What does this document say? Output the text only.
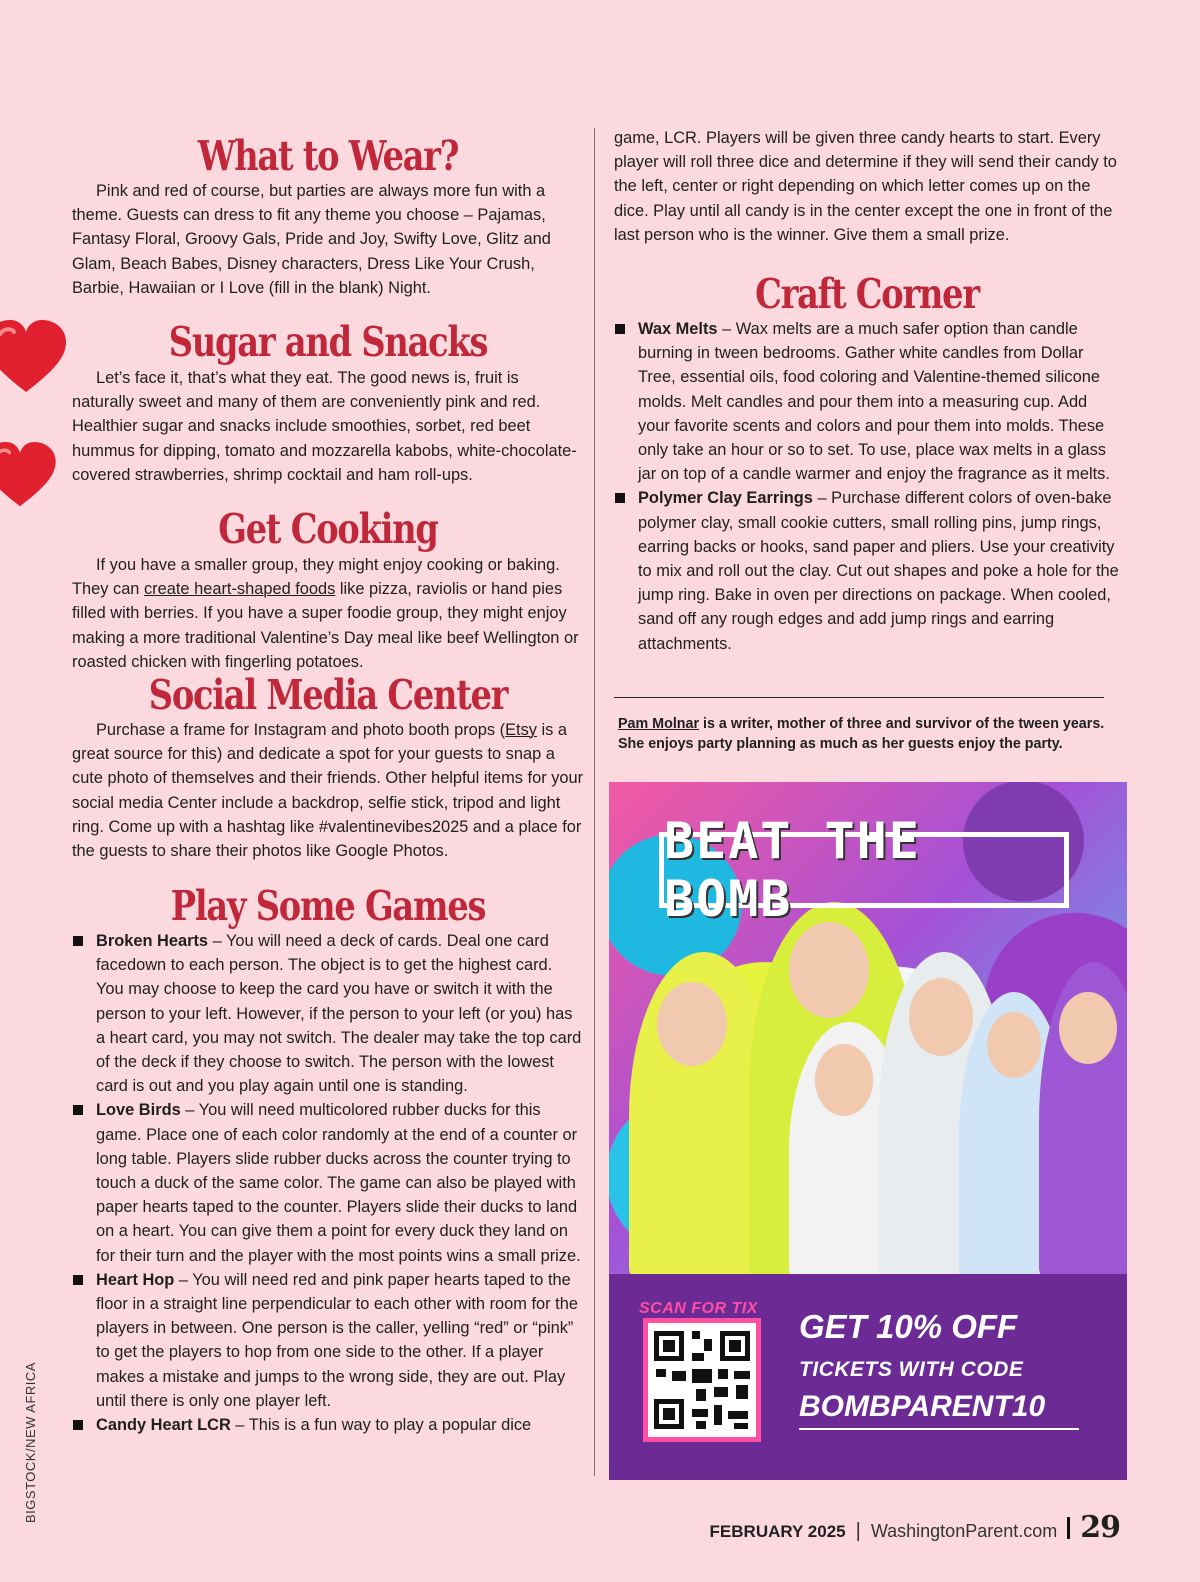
What to Wear?

Pink and red of course, but parties are always more fun with a theme. Guests can dress to fit any theme you choose – Pajamas, Fantasy Floral, Groovy Gals, Pride and Joy, Swifty Love, Glitz and Glam, Beach Babes, Disney characters, Dress Like Your Crush, Barbie, Hawaiian or I Love (fill in the blank) Night.

Sugar and Snacks

Let’s face it, that’s what they eat. The good news is, fruit is naturally sweet and many of them are conveniently pink and red. Healthier sugar and snacks include smoothies, sorbet, red beet hummus for dipping, tomato and mozzarella kabobs, white-chocolate-covered strawberries, shrimp cocktail and ham roll-ups.

Get Cooking

If you have a smaller group, they might enjoy cooking or baking. They can create heart-shaped foods like pizza, raviolis or hand pies filled with berries. If you have a super foodie group, they might enjoy making a more traditional Valentine’s Day meal like beef Wellington or roasted chicken with fingerling potatoes.

Social Media Center

Purchase a frame for Instagram and photo booth props (Etsy is a great source for this) and dedicate a spot for your guests to snap a cute photo of themselves and their friends. Other helpful items for your social media Center include a backdrop, selfie stick, tripod and light ring. Come up with a hashtag like #valentinevibes2025 and a place for the guests to share their photos like Google Photos.

Play Some Games
Broken Hearts – You will need a deck of cards. Deal one card facedown to each person. The object is to get the highest card. You may choose to keep the card you have or switch it with the person to your left. However, if the person to your left (or you) has a heart card, you may not switch. The dealer may take the top card of the deck if they choose to switch. The person with the lowest card is out and you play again until one is standing.
Love Birds – You will need multicolored rubber ducks for this game. Place one of each color randomly at the end of a counter or long table. Players slide rubber ducks across the counter trying to touch a duck of the same color. The game can also be played with paper hearts taped to the counter. Players slide their ducks to land on a heart. You can give them a point for every duck they land on for their turn and the player with the most points wins a small prize.
Heart Hop – You will need red and pink paper hearts taped to the floor in a straight line perpendicular to each other with room for the players in between. One person is the caller, yelling “red” or “pink” to get the players to hop from one side to the other. If a player makes a mistake and jumps to the wrong side, they are out. Play until there is only one player left.
Candy Heart LCR – This is a fun way to play a popular dice

game, LCR. Players will be given three candy hearts to start. Every player will roll three dice and determine if they will send their candy to the left, center or right depending on which letter comes up on the dice. Play until all candy is in the center except the one in front of the last person who is the winner. Give them a small prize.

Craft Corner
Wax Melts – Wax melts are a much safer option than candle burning in tween bedrooms. Gather white candles from Dollar Tree, essential oils, food coloring and Valentine-themed silicone molds. Melt candles and pour them into a measuring cup. Add your favorite scents and colors and pour them into molds. These only take an hour or so to set. To use, place wax melts in a glass jar on top of a candle warmer and enjoy the fragrance as it melts.
Polymer Clay Earrings – Purchase different colors of oven-bake polymer clay, small cookie cutters, small rolling pins, jump rings, earring backs or hooks, sand paper and pliers. Use your creativity to mix and roll out the clay. Cut out shapes and poke a hole for the jump ring. Bake in oven per directions on package. When cooled, sand off any rough edges and add jump rings and earring attachments.

Pam Molnar is a writer, mother of three and survivor of the tween years. She enjoys party planning as much as her guests enjoy the party.

BEAT THE BOMB
SCAN FOR TIX GET 10% OFF
TICKETS WITH CODE
BOMBPARENT10
FEBRUARY 2025 | WashingtonParent.com 29
BIGSTOCK/NEW AFRICA
